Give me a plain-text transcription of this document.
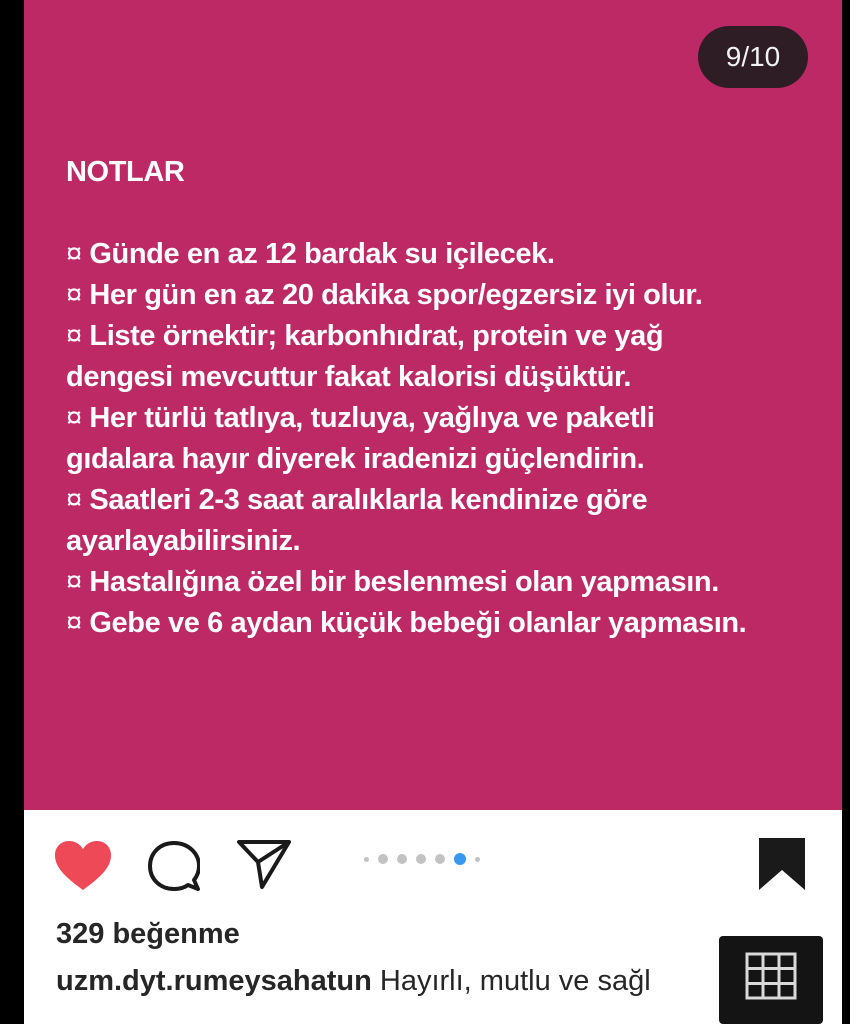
9/10

NOTLAR

¤ Günde en az 12 bardak su içilecek.

¤ Her gün en az 20 dakika spor/egzersiz iyi olur.

¤ Liste örnektir; karbonhıdrat, protein ve yağ

dengesi mevcuttur fakat kalorisi düşüktür.

¤ Her türlü tatlıya, tuzluya, yağlıya ve paketli

gıdalara hayır diyerek iradenizi güçlendirin.

¤ Saatleri 2-3 saat aralıklarla kendinize göre

ayarlayabilirsiniz.

¤ Hastalığına özel bir beslenmesi olan yapmasın.

¤ Gebe ve 6 aydan küçük bebeği olanlar yapmasın.

329 beğenme
uzm.dyt.rumeysahatun Hayırlı, mutlu ve sağl
